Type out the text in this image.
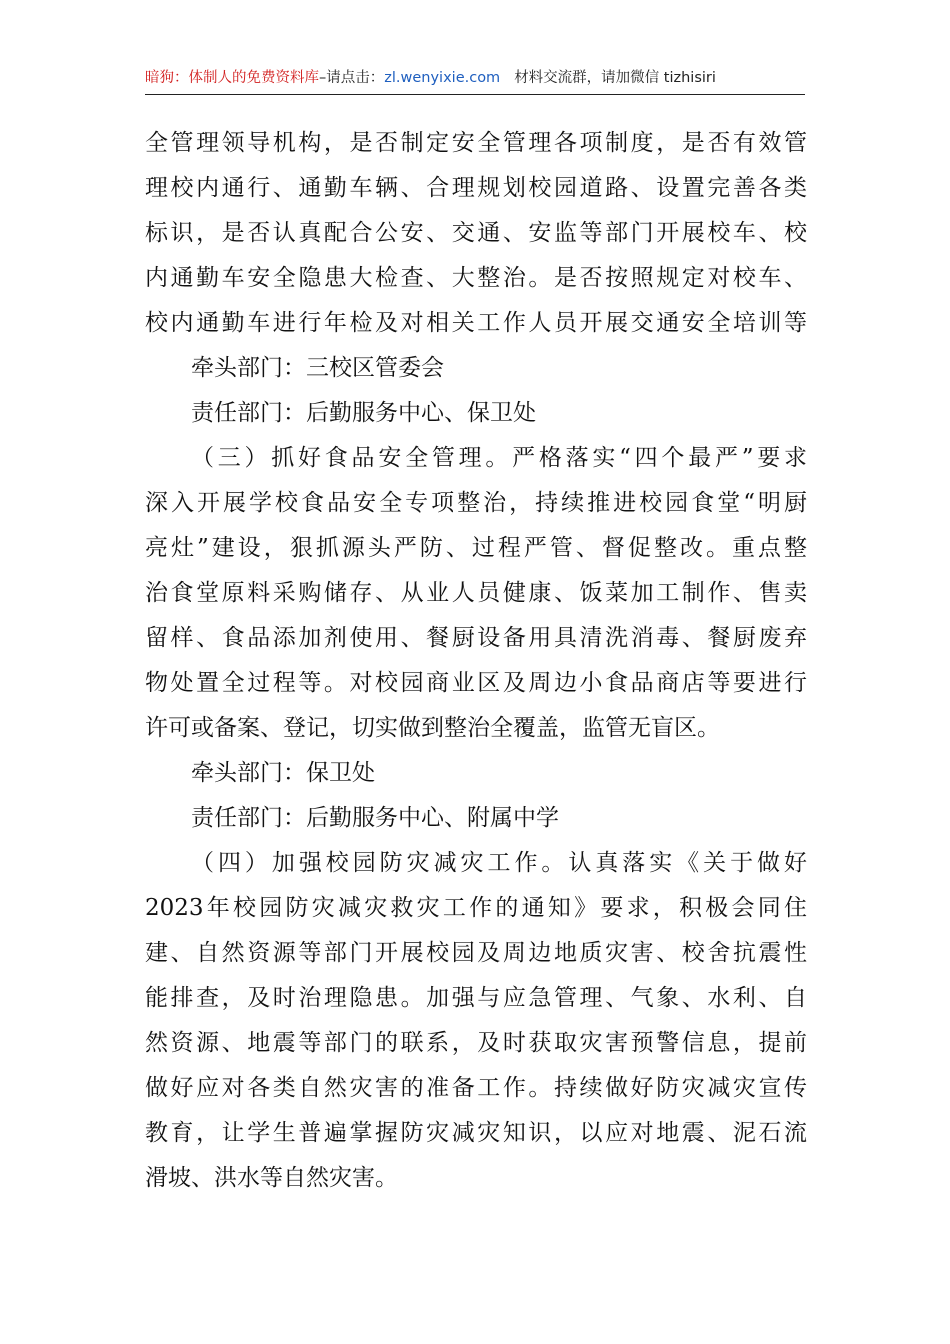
暗狗：体制人的免费资料库–请点击：zl.wenyixie.com 材料交流群，请加微信 tizhisiri

全管理领导机构，是否制定安全管理各项制度，是否有效管

理校内通行、通勤车辆、合理规划校园道路、设置完善各类

标识，是否认真配合公安、交通、安监等部门开展校车、校

内通勤车安全隐患大检查、大整治。是否按照规定对校车、

校内通勤车进行年检及对相关工作人员开展交通安全培训等

牵头部门：三校区管委会

责任部门：后勤服务中心、保卫处

（三）抓好食品安全管理。严格落实“四个最严”要求

深入开展学校食品安全专项整治，持续推进校园食堂“明厨

亮灶”建设，狠抓源头严防、过程严管、督促整改。重点整

治食堂原料采购储存、从业人员健康、饭菜加工制作、售卖

留样、食品添加剂使用、餐厨设备用具清洗消毒、餐厨废弃

物处置全过程等。对校园商业区及周边小食品商店等要进行

许可或备案、登记，切实做到整治全覆盖，监管无盲区。

牵头部门：保卫处

责任部门：后勤服务中心、附属中学

（四）加强校园防灾减灾工作。认真落实《关于做好

2023年校园防灾减灾救灾工作的通知》要求，积极会同住

建、自然资源等部门开展校园及周边地质灾害、校舍抗震性

能排查，及时治理隐患。加强与应急管理、气象、水利、自

然资源、地震等部门的联系，及时获取灾害预警信息，提前

做好应对各类自然灾害的准备工作。持续做好防灾减灾宣传

教育，让学生普遍掌握防灾减灾知识，以应对地震、泥石流

滑坡、洪水等自然灾害。
